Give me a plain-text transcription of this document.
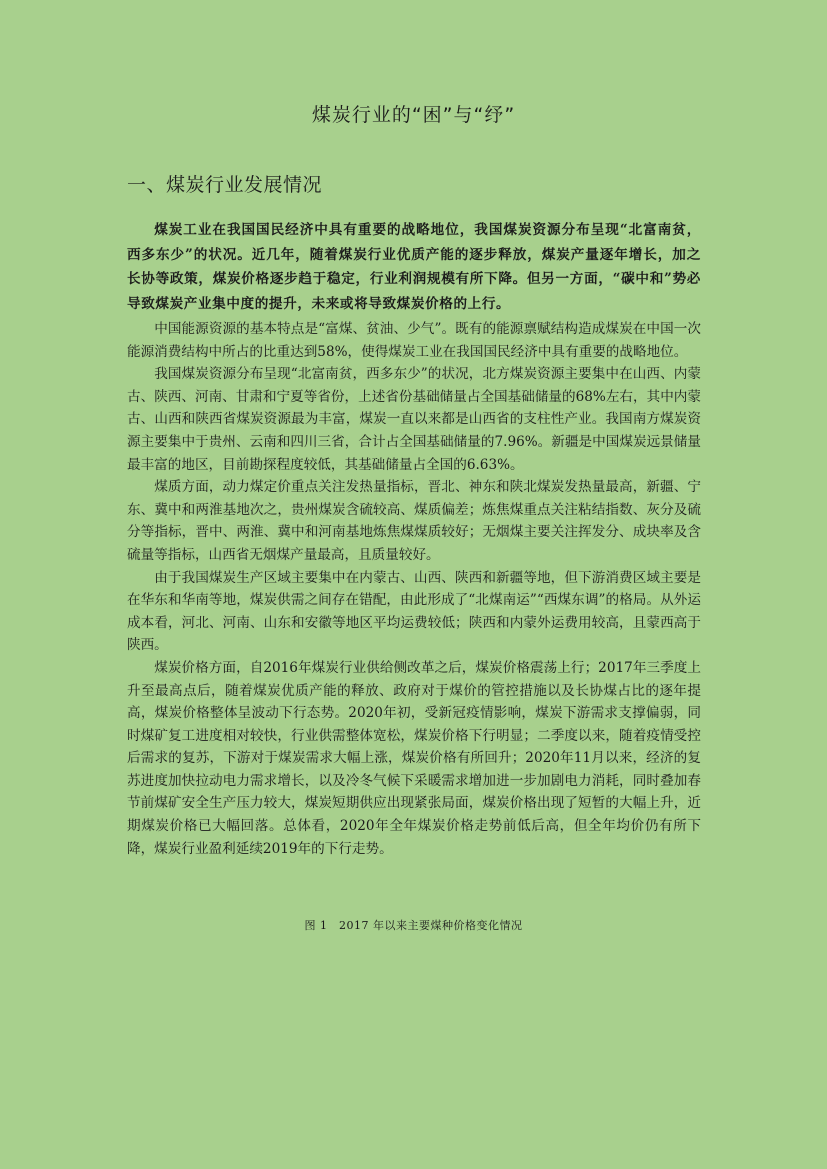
煤炭行业的“困”与“纾”
一、煤炭行业发展情况

煤炭工业在我国国民经济中具有重要的战略地位，我国煤炭资源分布呈现“北富南贫，西多东少”的状况。近几年，随着煤炭行业优质产能的逐步释放，煤炭产量逐年增长，加之长协等政策，煤炭价格逐步趋于稳定，行业利润规模有所下降。但另一方面，“碳中和”势必导致煤炭产业集中度的提升，未来或将导致煤炭价格的上行。

中国能源资源的基本特点是“富煤、贫油、少气”。既有的能源禀赋结构造成煤炭在中国一次能源消费结构中所占的比重达到58%，使得煤炭工业在我国国民经济中具有重要的战略地位。

我国煤炭资源分布呈现“北富南贫，西多东少”的状况，北方煤炭资源主要集中在山西、内蒙古、陕西、河南、甘肃和宁夏等省份，上述省份基础储量占全国基础储量的68%左右，其中内蒙古、山西和陕西省煤炭资源最为丰富，煤炭一直以来都是山西省的支柱性产业。我国南方煤炭资源主要集中于贵州、云南和四川三省，合计占全国基础储量的7.96%。新疆是中国煤炭远景储量最丰富的地区，目前勘探程度较低，其基础储量占全国的6.63%。

煤质方面，动力煤定价重点关注发热量指标，晋北、神东和陕北煤炭发热量最高，新疆、宁东、冀中和两淮基地次之，贵州煤炭含硫较高、煤质偏差；炼焦煤重点关注粘结指数、灰分及硫分等指标，晋中、两淮、冀中和河南基地炼焦煤煤质较好；无烟煤主要关注挥发分、成块率及含硫量等指标，山西省无烟煤产量最高，且质量较好。

由于我国煤炭生产区域主要集中在内蒙古、山西、陕西和新疆等地，但下游消费区域主要是在华东和华南等地，煤炭供需之间存在错配，由此形成了“北煤南运”“西煤东调”的格局。从外运成本看，河北、河南、山东和安徽等地区平均运费较低；陕西和内蒙外运费用较高，且蒙西高于陕西。

煤炭价格方面，自2016年煤炭行业供给侧改革之后，煤炭价格震荡上行；2017年三季度上升至最高点后，随着煤炭优质产能的释放、政府对于煤价的管控措施以及长协煤占比的逐年提高，煤炭价格整体呈波动下行态势。2020年初，受新冠疫情影响，煤炭下游需求支撑偏弱，同时煤矿复工进度相对较快，行业供需整体宽松，煤炭价格下行明显；二季度以来，随着疫情受控后需求的复苏，下游对于煤炭需求大幅上涨，煤炭价格有所回升；2020年11月以来，经济的复苏进度加快拉动电力需求增长，以及冷冬气候下采暖需求增加进一步加剧电力消耗，同时叠加春节前煤矿安全生产压力较大，煤炭短期供应出现紧张局面，煤炭价格出现了短暂的大幅上升，近期煤炭价格已大幅回落。总体看，2020年全年煤炭价格走势前低后高，但全年均价仍有所下降，煤炭行业盈利延续2019年的下行走势。

图 1　2017 年以来主要煤种价格变化情况
